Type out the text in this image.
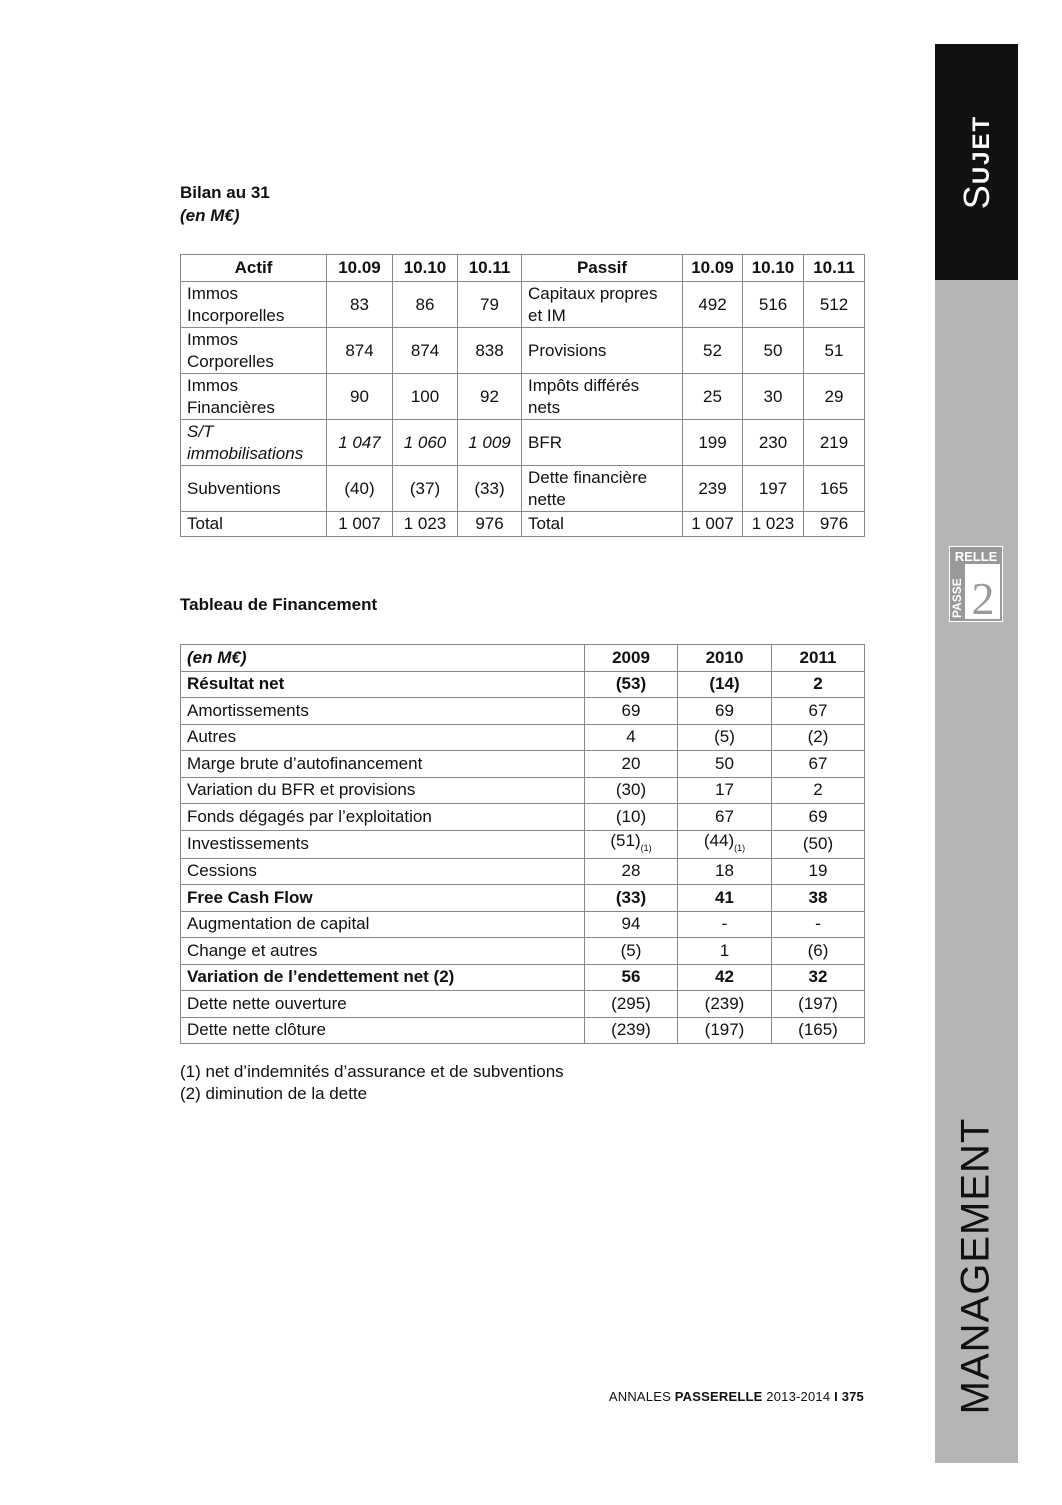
Bilan au 31
(en M€)
Actif	10.09	10.10	10.11	Passif	10.09	10.10	10.11
Immos Incorporelles	83	86	79	Capitaux propres et IM	492	516	512
Immos Corporelles	874	874	838	Provisions	52	50	51
Immos Financières	90	100	92	Impôts différés nets	25	30	29
S/T immobilisations	1 047	1 060	1 009	BFR	199	230	219
Subventions	(40)	(37)	(33)	Dette financière nette	239	197	165
Total	1 007	1 023	976	Total	1 007	1 023	976
Tableau de Financement
(en M€)	2009	2010	2011
Résultat net	(53)	(14)	2
Amortissements	69	69	67
Autres	4	(5)	(2)
Marge brute d’autofinancement	20	50	67
Variation du BFR et provisions	(30)	17	2
Fonds dégagés par l’exploitation	(10)	67	69
Investissements	$(51)_{(1)}$	$(44)_{(1)}$	(50)
Cessions	28	18	19
Free Cash Flow	(33)	41	38
Augmentation de capital	94	-	-
Change et autres	(5)	1	(6)
Variation de l’endettement net (2)	56	42	32
Dette nette ouverture	(295)	(239)	(197)
Dette nette clôture	(239)	(197)	(165)
(1) net d’indemnités d’assurance et de subventions
(2) diminution de la dette
ANNALES PASSERELLE 2013-2014 I 375
SUJET
RELLE
PASSE 2
MANAGEMENT
